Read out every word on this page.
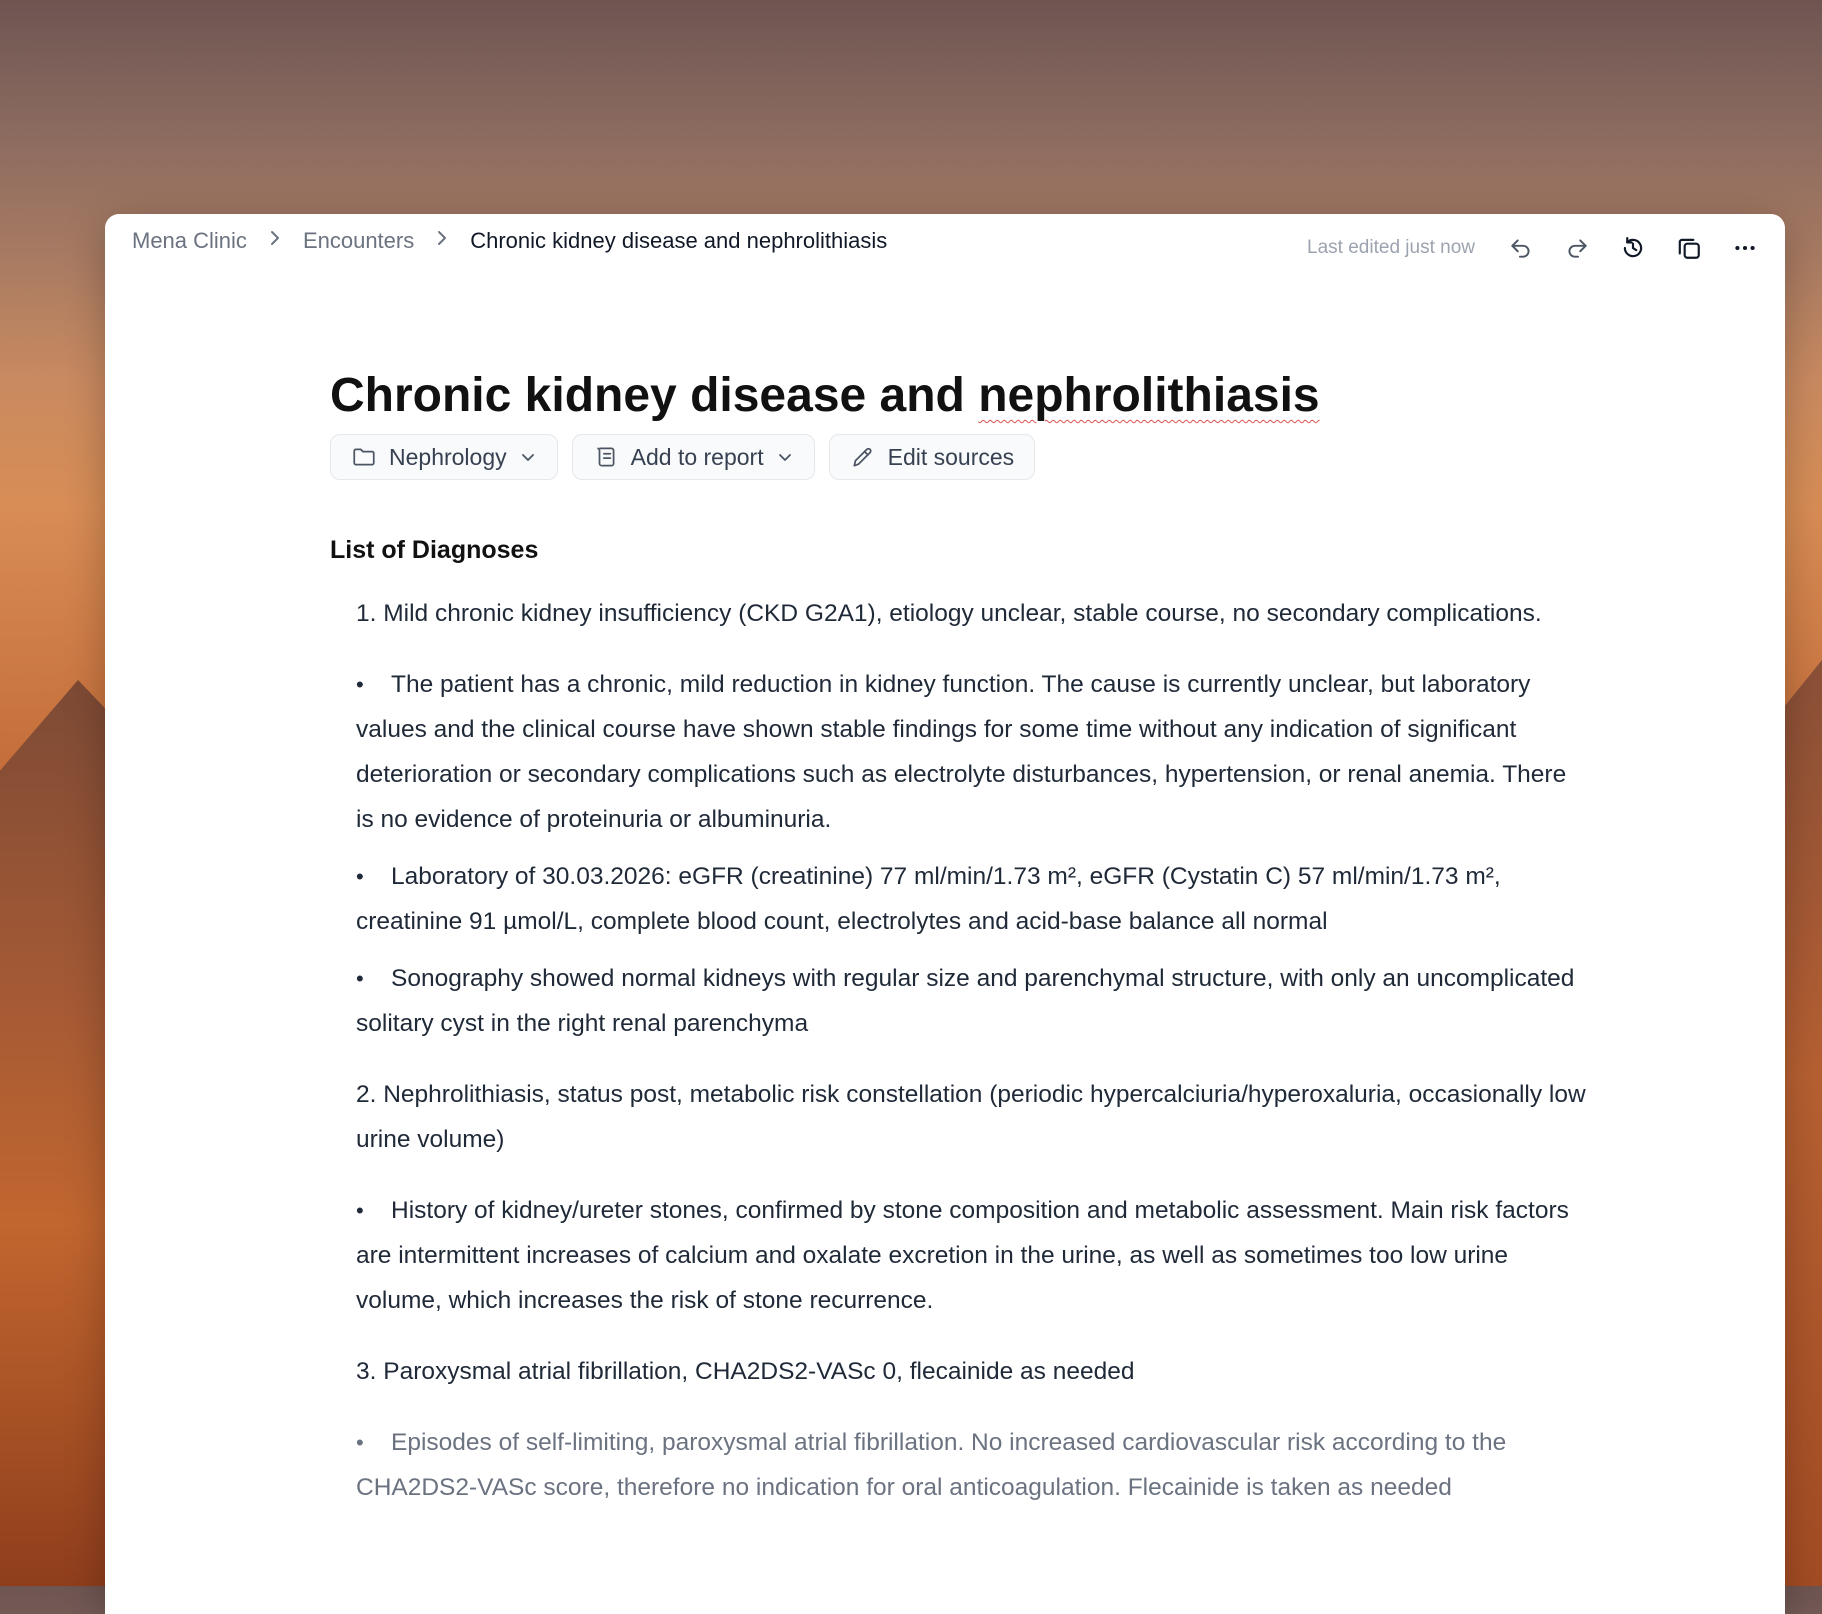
Mena Clinic	Encounters	Chronic kidney disease and nephrolithiasis	Last edited just now
Chronic kidney disease and nephrolithiasis
Nephrology	Add to report	Edit sources
List of Diagnoses

1. Mild chronic kidney insufficiency (CKD G2A1), etiology unclear, stable course, no secondary complications.

• The patient has a chronic, mild reduction in kidney function. The cause is currently unclear, but laboratory values and the clinical course have shown stable findings for some time without any indication of significant deterioration or secondary complications such as electrolyte disturbances, hypertension, or renal anemia. There is no evidence of proteinuria or albuminuria.
• Laboratory of 30.03.2026: eGFR (creatinine) 77 ml/min/1.73 m², eGFR (Cystatin C) 57 ml/min/1.73 m², creatinine 91 µmol/L, complete blood count, electrolytes and acid-base balance all normal
• Sonography showed normal kidneys with regular size and parenchymal structure, with only an uncomplicated solitary cyst in the right renal parenchyma

2. Nephrolithiasis, status post, metabolic risk constellation (periodic hypercalciuria/hyperoxaluria, occasionally low urine volume)

• History of kidney/ureter stones, confirmed by stone composition and metabolic assessment. Main risk factors are intermittent increases of calcium and oxalate excretion in the urine, as well as sometimes too low urine volume, which increases the risk of stone recurrence.

3. Paroxysmal atrial fibrillation, CHA2DS2-VASc 0, flecainide as needed

• Episodes of self-limiting, paroxysmal atrial fibrillation. No increased cardiovascular risk according to the CHA2DS2-VASc score, therefore no indication for oral anticoagulation. Flecainide is taken as needed
